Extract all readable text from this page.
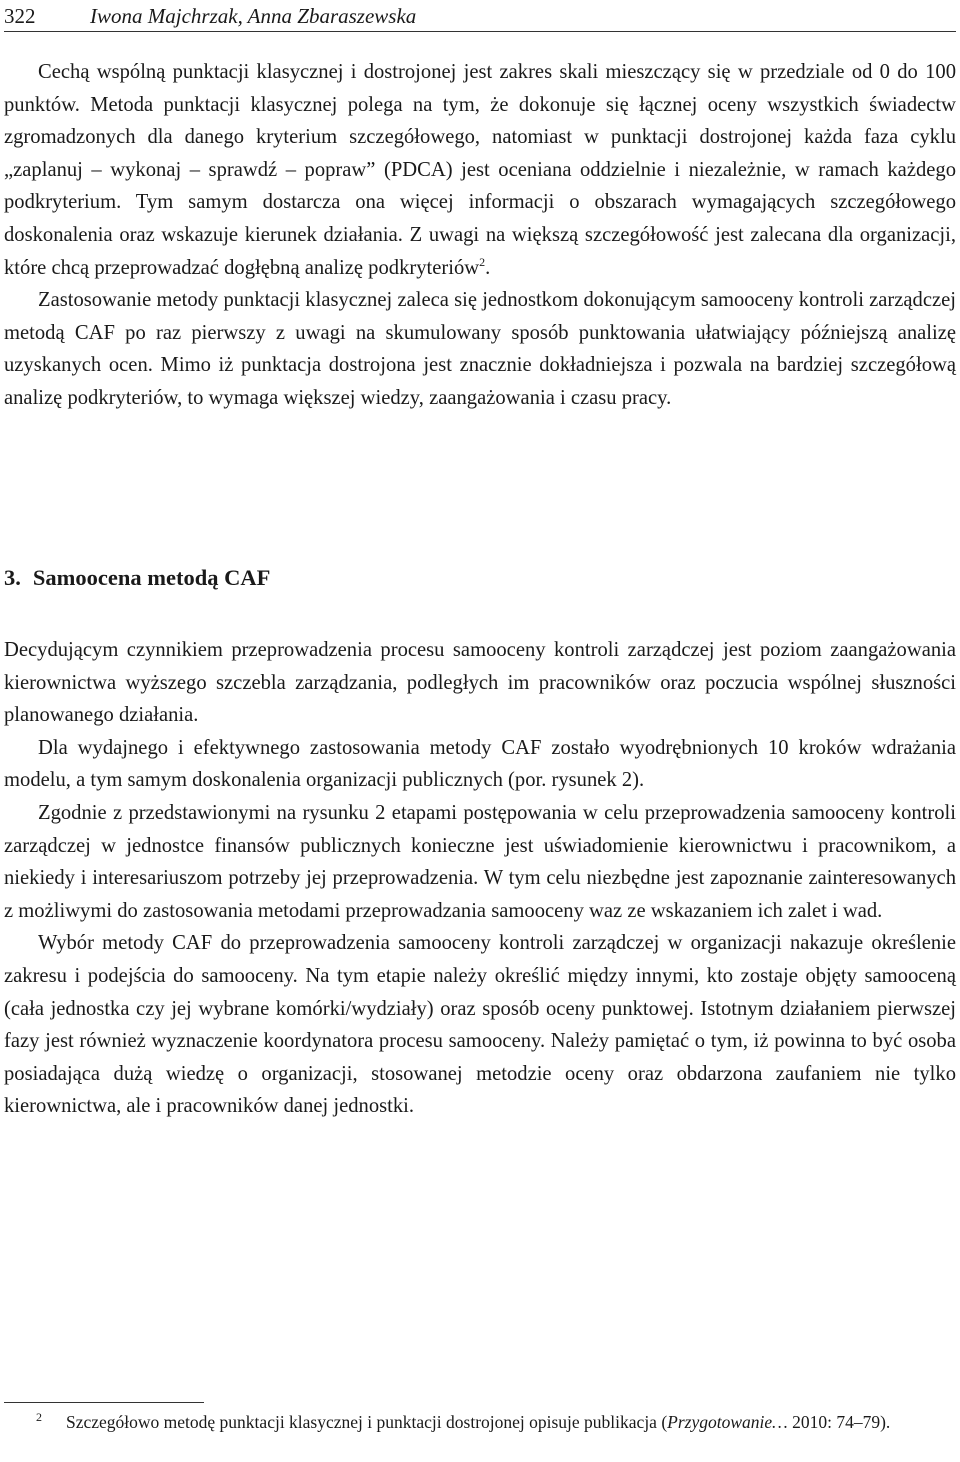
322	Iwona Majchrzak, Anna Zbaraszewska

Cechą wspólną punktacji klasycznej i dostrojonej jest zakres skali mieszczący się w przedziale od 0 do 100 punktów. Metoda punktacji klasycznej polega na tym, że dokonuje się łącznej oceny wszystkich świadectw zgromadzonych dla danego kryterium szczegółowego, natomiast w punktacji dostrojonej każda faza cyklu „zaplanuj – wykonaj – sprawdź – popraw” (PDCA) jest oceniana oddzielnie i niezależnie, w ramach każdego podkryterium. Tym samym dostarcza ona więcej informacji o obszarach wymagających szczegółowego doskonalenia oraz wskazuje kierunek działania. Z uwagi na większą szczegółowość jest zalecana dla organizacji, które chcą przeprowadzać dogłębną analizę podkryteriów$^2$.

Zastosowanie metody punktacji klasycznej zaleca się jednostkom dokonującym samooceny kontroli zarządczej metodą CAF po raz pierwszy z uwagi na skumulowany sposób punktowania ułatwiający późniejszą analizę uzyskanych ocen. Mimo iż punktacja dostrojona jest znacznie dokładniejsza i pozwala na bardziej szczegółową analizę podkryteriów, to wymaga większej wiedzy, zaangażowania i czasu pracy.

3. Samoocena metodą CAF

Decydującym czynnikiem przeprowadzenia procesu samooceny kontroli zarządczej jest poziom zaangażowania kierownictwa wyższego szczebla zarządzania, podległych im pracowników oraz poczucia wspólnej słuszności planowanego działania.

Dla wydajnego i efektywnego zastosowania metody CAF zostało wyodrębnionych 10 kroków wdrażania modelu, a tym samym doskonalenia organizacji publicznych (por. rysunek 2).

Zgodnie z przedstawionymi na rysunku 2 etapami postępowania w celu przeprowadzenia samooceny kontroli zarządczej w jednostce finansów publicznych konieczne jest uświadomienie kierownictwu i pracownikom, a niekiedy i interesariuszom potrzeby jej przeprowadzenia. W tym celu niezbędne jest zapoznanie zainteresowanych z możliwymi do zastosowania metodami przeprowadzania samooceny waz ze wskazaniem ich zalet i wad.

Wybór metody CAF do przeprowadzenia samooceny kontroli zarządczej w organizacji nakazuje określenie zakresu i podejścia do samooceny. Na tym etapie należy określić między innymi, kto zostaje objęty samooceną (cała jednostka czy jej wybrane komórki/wydziały) oraz sposób oceny punktowej. Istotnym działaniem pierwszej fazy jest również wyznaczenie koordynatora procesu samooceny. Należy pamiętać o tym, iż powinna to być osoba posiadająca dużą wiedzę o organizacji, stosowanej metodzie oceny oraz obdarzona zaufaniem nie tylko kierownictwa, ale i pracowników danej jednostki.

2 Szczegółowo metodę punktacji klasycznej i punktacji dostrojonej opisuje publikacja (Przygotowanie… 2010: 74–79).
